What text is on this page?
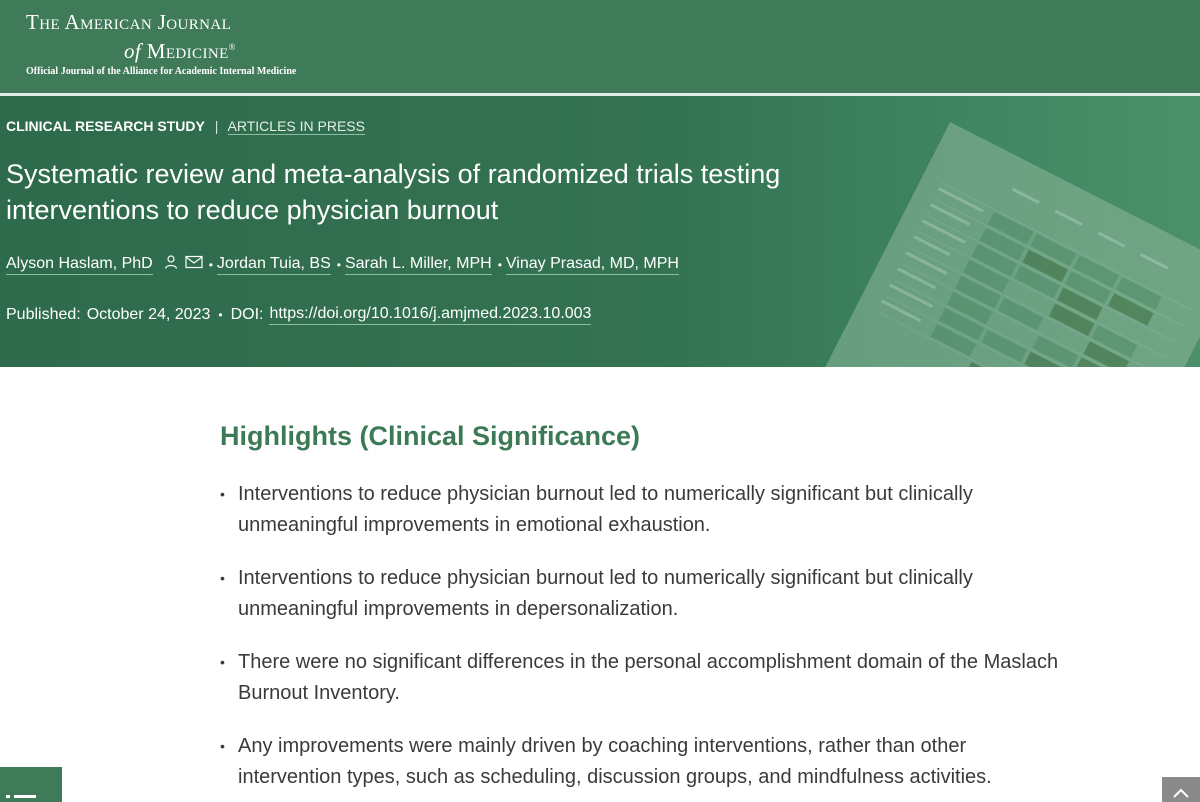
The American Journal
of Medicine®
Official Journal of the Alliance for Academic Internal Medicine
CLINICAL RESEARCH STUDY | ARTICLES IN PRESS
Systematic review and meta-analysis of randomized trials testing interventions to reduce physician burnout
Alyson Haslam, PhD	• Jordan Tuia, BS • Sarah L. Miller, MPH • Vinay Prasad, MD, MPH
Published: October 24, 2023 • DOI: https://doi.org/10.1016/j.amjmed.2023.10.003
Highlights (Clinical Significance)
• Interventions to reduce physician burnout led to numerically significant but clinically unmeaningful improvements in emotional exhaustion.
• Interventions to reduce physician burnout led to numerically significant but clinically unmeaningful improvements in depersonalization.
• There were no significant differences in the personal accomplishment domain of the Maslach Burnout Inventory.
• Any improvements were mainly driven by coaching interventions, rather than other intervention types, such as scheduling, discussion groups, and mindfulness activities.
